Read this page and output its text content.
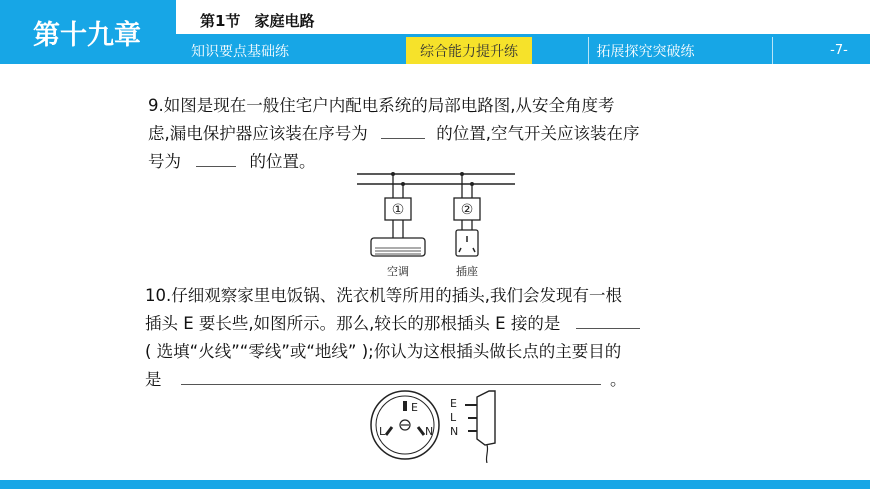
第十九章	第1节 家庭电路
知识要点基础练	综合能力提升练	拓展探究突破练	-7-
9.如图是现在一般住宅户内配电系统的局部电路图,从安全角度考
虑,漏电保护器应该装在序号为	的位置,空气开关应该装在序
号为	的位置。
①	②
空调	插座
10.仔细观察家里电饭锅、洗衣机等所用的插头,我们会发现有一根
插头 E 要长些,如图所示。那么,较长的那根插头 E 接的是
( 选填“火线”“零线”或“地线” );你认为这根插头做长点的主要目的
是	。
E
L	N
E
L
N
